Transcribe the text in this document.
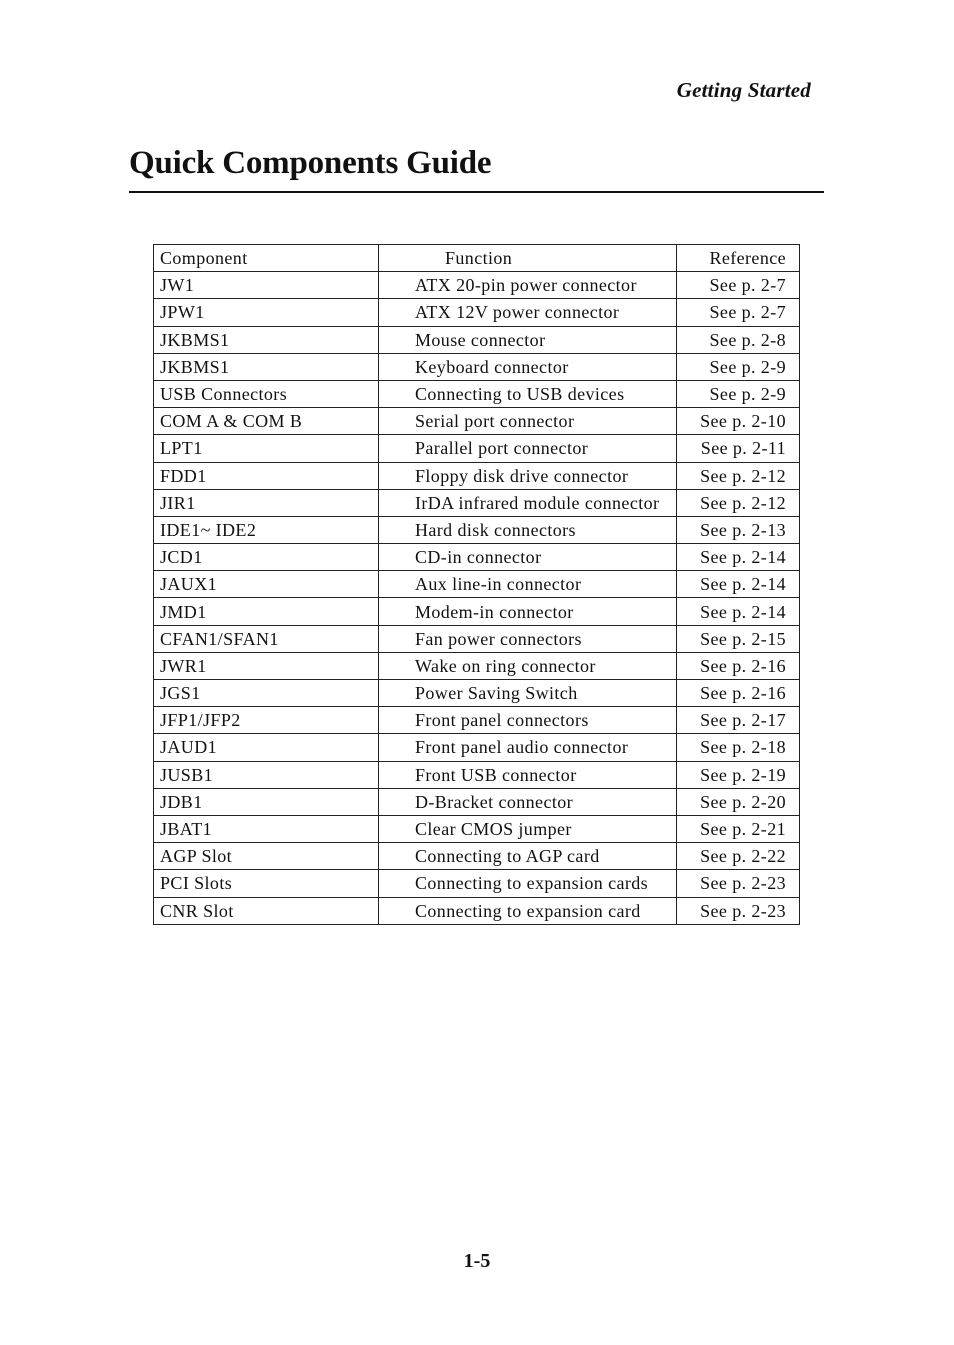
Getting Started
Quick Components Guide
Component	Function	Reference
JW1	ATX 20-pin power connector	See p. 2-7
JPW1	ATX 12V power connector	See p. 2-7
JKBMS1	Mouse connector	See p. 2-8
JKBMS1	Keyboard connector	See p. 2-9
USB Connectors	Connecting to USB devices	See p. 2-9
COM A & COM B	Serial port connector	See p. 2-10
LPT1	Parallel port connector	See p. 2-11
FDD1	Floppy disk drive connector	See p. 2-12
JIR1	IrDA infrared module connector	See p. 2-12
IDE1~ IDE2	Hard disk connectors	See p. 2-13
JCD1	CD-in connector	See p. 2-14
JAUX1	Aux line-in connector	See p. 2-14
JMD1	Modem-in connector	See p. 2-14
CFAN1/SFAN1	Fan power connectors	See p. 2-15
JWR1	Wake on ring connector	See p. 2-16
JGS1	Power Saving Switch	See p. 2-16
JFP1/JFP2	Front panel connectors	See p. 2-17
JAUD1	Front panel audio connector	See p. 2-18
JUSB1	Front USB connector	See p. 2-19
JDB1	D-Bracket connector	See p. 2-20
JBAT1	Clear CMOS jumper	See p. 2-21
AGP Slot	Connecting to AGP card	See p. 2-22
PCI Slots	Connecting to expansion cards	See p. 2-23
CNR Slot	Connecting to expansion card	See p. 2-23
1-5
